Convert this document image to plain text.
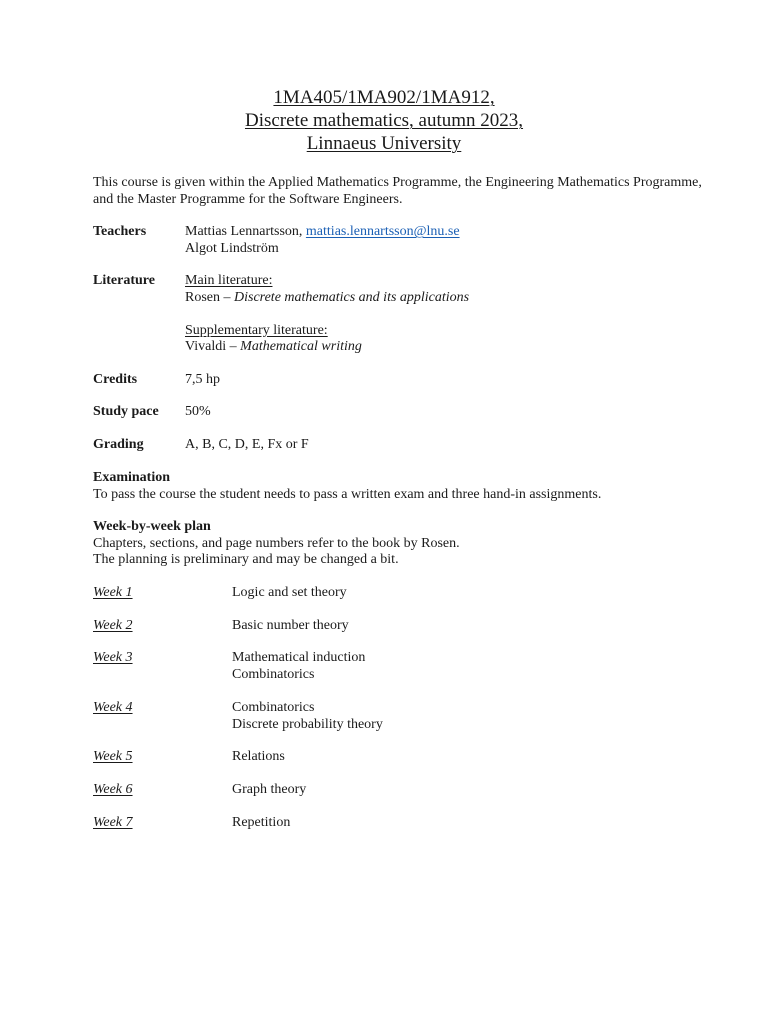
1MA405/1MA902/1MA912,
Discrete mathematics, autumn 2023,
Linnaeus University
This course is given within the Applied Mathematics Programme, the Engineering Mathematics Programme, and the Master Programme for the Software Engineers.
Teachers	Mattias Lennartsson, mattias.lennartsson@lnu.se
Algot Lindström
Literature Main literature:
Rosen – Discrete mathematics and its applications
Supplementary literature:
Vivaldi – Mathematical writing
Credits	7,5 hp
Study pace 50%
Grading	A, B, C, D, E, Fx or F
Examination
To pass the course the student needs to pass a written exam and three hand-in assignments.
Week-by-week plan
Chapters, sections, and page numbers refer to the book by Rosen.
The planning is preliminary and may be changed a bit.
Week 1	Logic and set theory
Week 2	Basic number theory
Week 3	Mathematical induction
Combinatorics
Week 4	Combinatorics
Discrete probability theory
Week 5	Relations
Week 6	Graph theory
Week 7	Repetition
